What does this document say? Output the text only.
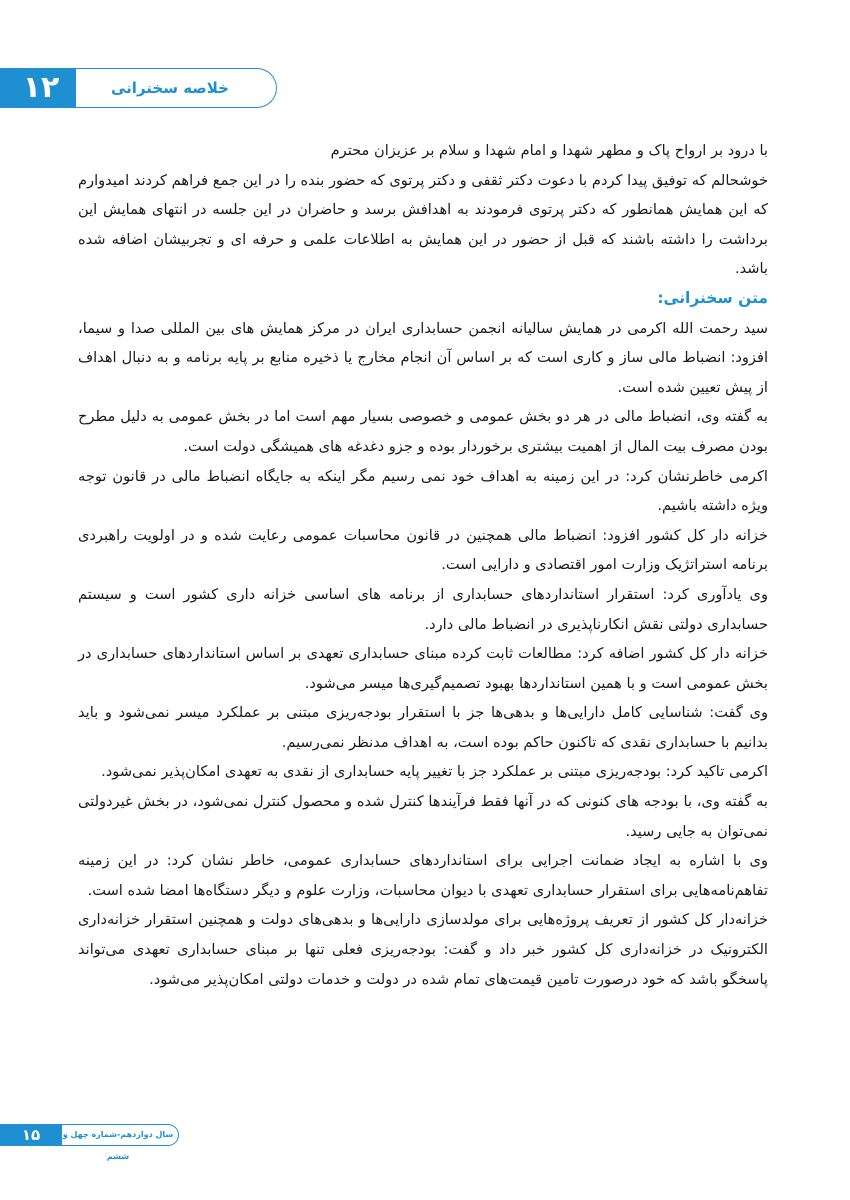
۱۲	خلاصه سخنرانی

با درود بر ارواح پاک و مطهر شهدا و امام شهدا و سلام بر عزیزان محترم

خوشحالم که توفیق پیدا کردم با دعوت دکتر ثقفی و دکتر پرتوی که حضور بنده را در این جمع فراهم کردند امیدوارم که این همایش همانطور که دکتر پرتوی فرمودند به اهدافش برسد و حاضران در این جلسه در انتهای همایش این برداشت را داشته باشند که قبل از حضور در این همایش به اطلاعات علمی و حرفه ای و تجربیشان اضافه شده باشد.

متن سخنرانی:

سید رحمت الله اکرمی در همایش سالیانه انجمن حسابداری ایران در مرکز همایش های بین المللی صدا و سیما، افزود: انضباط مالی ساز و کاری است که بر اساس آن انجام مخارج یا ذخیره منابع بر پایه برنامه و به دنبال اهداف از پیش تعیین شده است.

به گفته وی، انضباط مالی در هر دو بخش عمومی و خصوصی بسیار مهم است اما در بخش عمومی به دلیل مطرح بودن مصرف بیت المال از اهمیت بیشتری برخوردار بوده و جزو دغدغه های همیشگی دولت است.

اکرمی خاطرنشان کرد: در این زمینه به اهداف خود نمی رسیم مگر اینکه به جایگاه انضباط مالی در قانون توجه ویژه داشته باشیم.

خزانه دار کل کشور افزود: انضباط مالی همچنین در قانون محاسبات عمومی رعایت شده و در اولویت راهبردی برنامه استراتژیک وزارت امور اقتصادی و دارایی است.

وی یادآوری کرد: استقرار استانداردهای حسابداری از برنامه های اساسی خزانه داری کشور است و سیستم حسابداری دولتی نقش انکارناپذیری در انضباط مالی دارد.

خزانه دار کل کشور اضافه کرد: مطالعات ثابت کرده مبنای حسابداری تعهدی بر اساس استانداردهای حسابداری در بخش عمومی است و با همین استانداردها بهبود تصمیم‌گیری‌ها میسر می‌شود.

وی گفت: شناسایی کامل دارایی‌ها و بدهی‌ها جز با استقرار بودجه‌ریزی مبتنی بر عملکرد میسر نمی‌شود و باید بدانیم با حسابداری نقدی که تاکنون حاکم بوده است، به اهداف مدنظر نمی‌رسیم.

اکرمی تاکید کرد: بودجه‌ریزی مبتنی بر عملکرد جز با تغییر پایه حسابداری از نقدی به تعهدی امکان‌پذیر نمی‌شود.

به گفته وی، با بودجه های کنونی که در آنها فقط فرآیندها کنترل شده و محصول کنترل نمی‌شود، در بخش غیردولتی نمی‌توان به جایی رسید.

وی با اشاره به ایجاد ضمانت اجرایی برای استانداردهای حسابداری عمومی، خاطر نشان کرد: در این زمینه تفاهم‌نامه‌هایی برای استقرار حسابداری تعهدی با دیوان محاسبات، وزارت علوم و دیگر دستگاه‌ها امضا شده است.

خزانه‌دار کل کشور از تعریف پروژه‌هایی برای مولدسازی دارایی‌ها و بدهی‌های دولت و همچنین استقرار خزانه‌داری الکترونیک در خزانه‌داری کل کشور خبر داد و گفت: بودجه‌ریزی فعلی تنها بر مبنای حسابداری تعهدی می‌تواند پاسخگو باشد که خود درصورت تامین قیمت‌های تمام شده در دولت و خدمات دولتی امکان‌پذیر می‌شود.

۱۵	سال دوازدهم-شماره چهل و ششم
